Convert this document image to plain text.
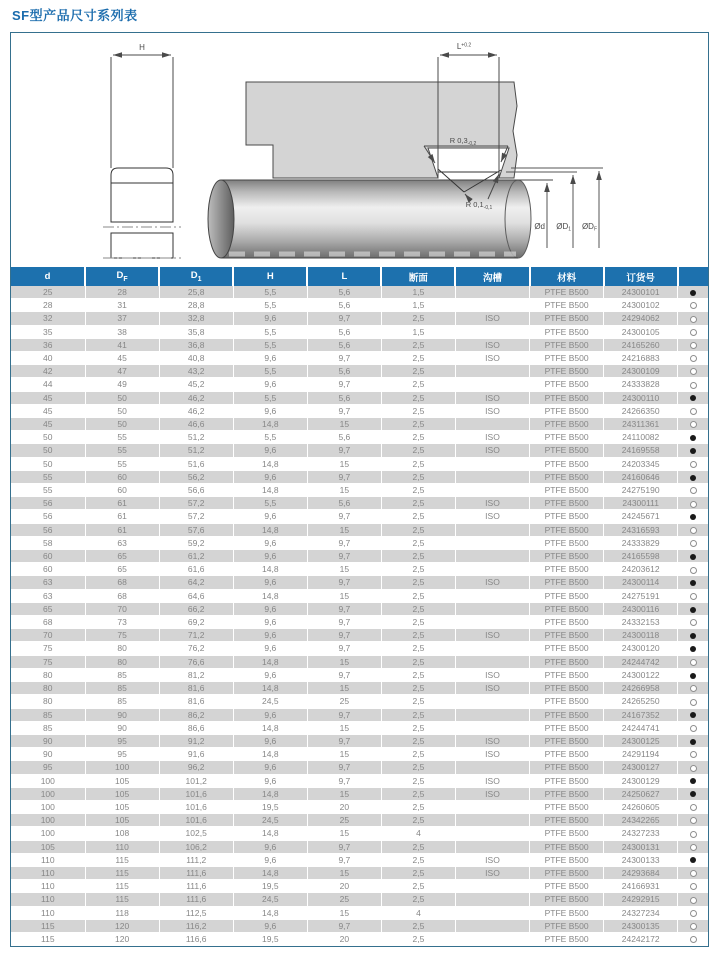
SF型产品尺寸系列表
H	$L^{+0.2}$
R $0,3_{-0,2}$
R $0,1_{-0,1}$
Ød ØD1 ØDF
d	$D_F$	$D_1$	H	L	断面	沟槽	材料	订货号	
25	28	25,8	5,5	5,6	1,5		PTFE B500	24300101	
28	31	28,8	5,5	5,6	1,5		PTFE B500	24300102	
32	37	32,8	9,6	9,7	2,5	ISO	PTFE B500	24294062	
35	38	35,8	5,5	5,6	1,5		PTFE B500	24300105	
36	41	36,8	5,5	5,6	2,5	ISO	PTFE B500	24165260	
40	45	40,8	9,6	9,7	2,5	ISO	PTFE B500	24216883	
42	47	43,2	5,5	5,6	2,5		PTFE B500	24300109	
44	49	45,2	9,6	9,7	2,5		PTFE B500	24333828	
45	50	46,2	5,5	5,6	2,5	ISO	PTFE B500	24300110	
45	50	46,2	9,6	9,7	2,5	ISO	PTFE B500	24266350	
45	50	46,6	14,8	15	2,5		PTFE B500	24311361	
50	55	51,2	5,5	5,6	2,5	ISO	PTFE B500	24110082	
50	55	51,2	9,6	9,7	2,5	ISO	PTFE B500	24169558	
50	55	51,6	14,8	15	2,5		PTFE B500	24203345	
55	60	56,2	9,6	9,7	2,5		PTFE B500	24160646	
55	60	56,6	14,8	15	2,5		PTFE B500	24275190	
56	61	57,2	5,5	5,6	2,5	ISO	PTFE B500	24300111	
56	61	57,2	9,6	9,7	2,5	ISO	PTFE B500	24245671	
56	61	57,6	14,8	15	2,5		PTFE B500	24316593	
58	63	59,2	9,6	9,7	2,5		PTFE B500	24333829	
60	65	61,2	9,6	9,7	2,5		PTFE B500	24165598	
60	65	61,6	14,8	15	2,5		PTFE B500	24203612	
63	68	64,2	9,6	9,7	2,5	ISO	PTFE B500	24300114	
63	68	64,6	14,8	15	2,5		PTFE B500	24275191	
65	70	66,2	9,6	9,7	2,5		PTFE B500	24300116	
68	73	69,2	9,6	9,7	2,5		PTFE B500	24332153	
70	75	71,2	9,6	9,7	2,5	ISO	PTFE B500	24300118	
75	80	76,2	9,6	9,7	2,5		PTFE B500	24300120	
75	80	76,6	14,8	15	2,5		PTFE B500	24244742	
80	85	81,2	9,6	9,7	2,5	ISO	PTFE B500	24300122	
80	85	81,6	14,8	15	2,5	ISO	PTFE B500	24266958	
80	85	81,6	24,5	25	2,5		PTFE B500	24265250	
85	90	86,2	9,6	9,7	2,5		PTFE B500	24167352	
85	90	86,6	14,8	15	2,5		PTFE B500	24244741	
90	95	91,2	9,6	9,7	2,5	ISO	PTFE B500	24300125	
90	95	91,6	14,8	15	2,5	ISO	PTFE B500	24291194	
95	100	96,2	9,6	9,7	2,5		PTFE B500	24300127	
100	105	101,2	9,6	9,7	2,5	ISO	PTFE B500	24300129	
100	105	101,6	14,8	15	2,5	ISO	PTFE B500	24250627	
100	105	101,6	19,5	20	2,5		PTFE B500	24260605	
100	105	101,6	24,5	25	2,5		PTFE B500	24342265	
100	108	102,5	14,8	15	4		PTFE B500	24327233	
105	110	106,2	9,6	9,7	2,5		PTFE B500	24300131	
110	115	111,2	9,6	9,7	2,5	ISO	PTFE B500	24300133	
110	115	111,6	14,8	15	2,5	ISO	PTFE B500	24293684	
110	115	111,6	19,5	20	2,5		PTFE B500	24166931	
110	115	111,6	24,5	25	2,5		PTFE B500	24292915	
110	118	112,5	14,8	15	4		PTFE B500	24327234	
115	120	116,2	9,6	9,7	2,5		PTFE B500	24300135	
115	120	116,6	19,5	20	2,5		PTFE B500	24242172	
